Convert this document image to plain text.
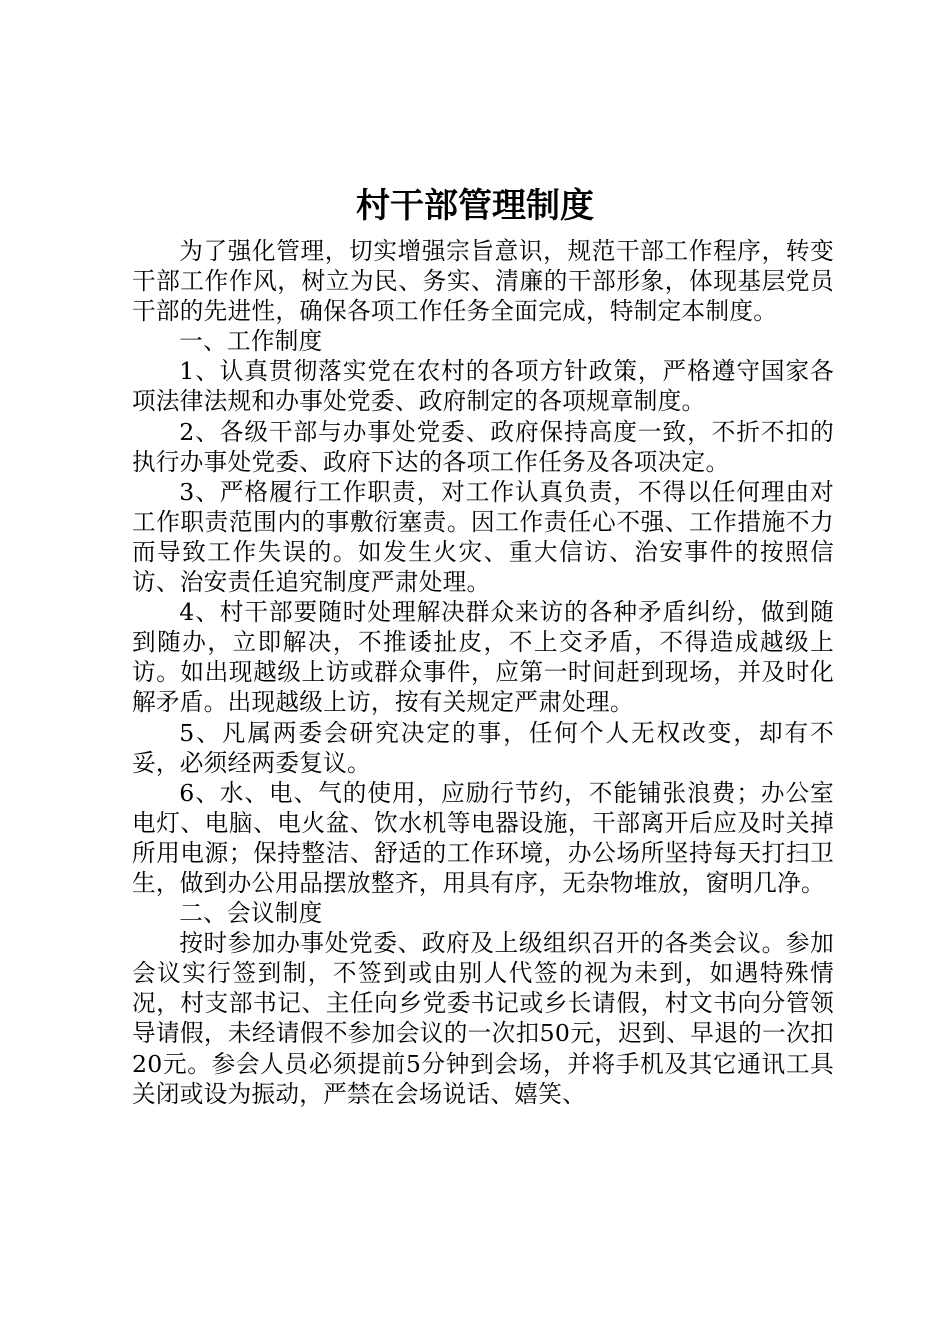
村干部管理制度

为了强化管理，切实增强宗旨意识，规范干部工作程序，转变干部工作作风，树立为民、务实、清廉的干部形象，体现基层党员干部的先进性，确保各项工作任务全面完成，特制定本制度。

一、工作制度

1、认真贯彻落实党在农村的各项方针政策，严格遵守国家各项法律法规和办事处党委、政府制定的各项规章制度。

2、各级干部与办事处党委、政府保持高度一致，不折不扣的执行办事处党委、政府下达的各项工作任务及各项决定。

3、严格履行工作职责，对工作认真负责，不得以任何理由对工作职责范围内的事敷衍塞责。因工作责任心不强、工作措施不力而导致工作失误的。如发生火灾、重大信访、治安事件的按照信访、治安责任追究制度严肃处理。

4、村干部要随时处理解决群众来访的各种矛盾纠纷，做到随到随办，立即解决，不推诿扯皮，不上交矛盾，不得造成越级上访。如出现越级上访或群众事件，应第一时间赶到现场，并及时化解矛盾。出现越级上访，按有关规定严肃处理。

5、凡属两委会研究决定的事，任何个人无权改变，却有不妥，必须经两委复议。

6、水、电、气的使用，应励行节约，不能铺张浪费；办公室电灯、电脑、电火盆、饮水机等电器设施，干部离开后应及时关掉所用电源；保持整洁、舒适的工作环境，办公场所坚持每天打扫卫生，做到办公用品摆放整齐，用具有序，无杂物堆放，窗明几净。

二、会议制度

按时参加办事处党委、政府及上级组织召开的各类会议。参加会议实行签到制，不签到或由别人代签的视为未到，如遇特殊情况，村支部书记、主任向乡党委书记或乡长请假，村文书向分管领导请假，未经请假不参加会议的一次扣50元，迟到、早退的一次扣20元。参会人员必须提前5分钟到会场，并将手机及其它通讯工具关闭或设为振动，严禁在会场说话、嬉笑、
